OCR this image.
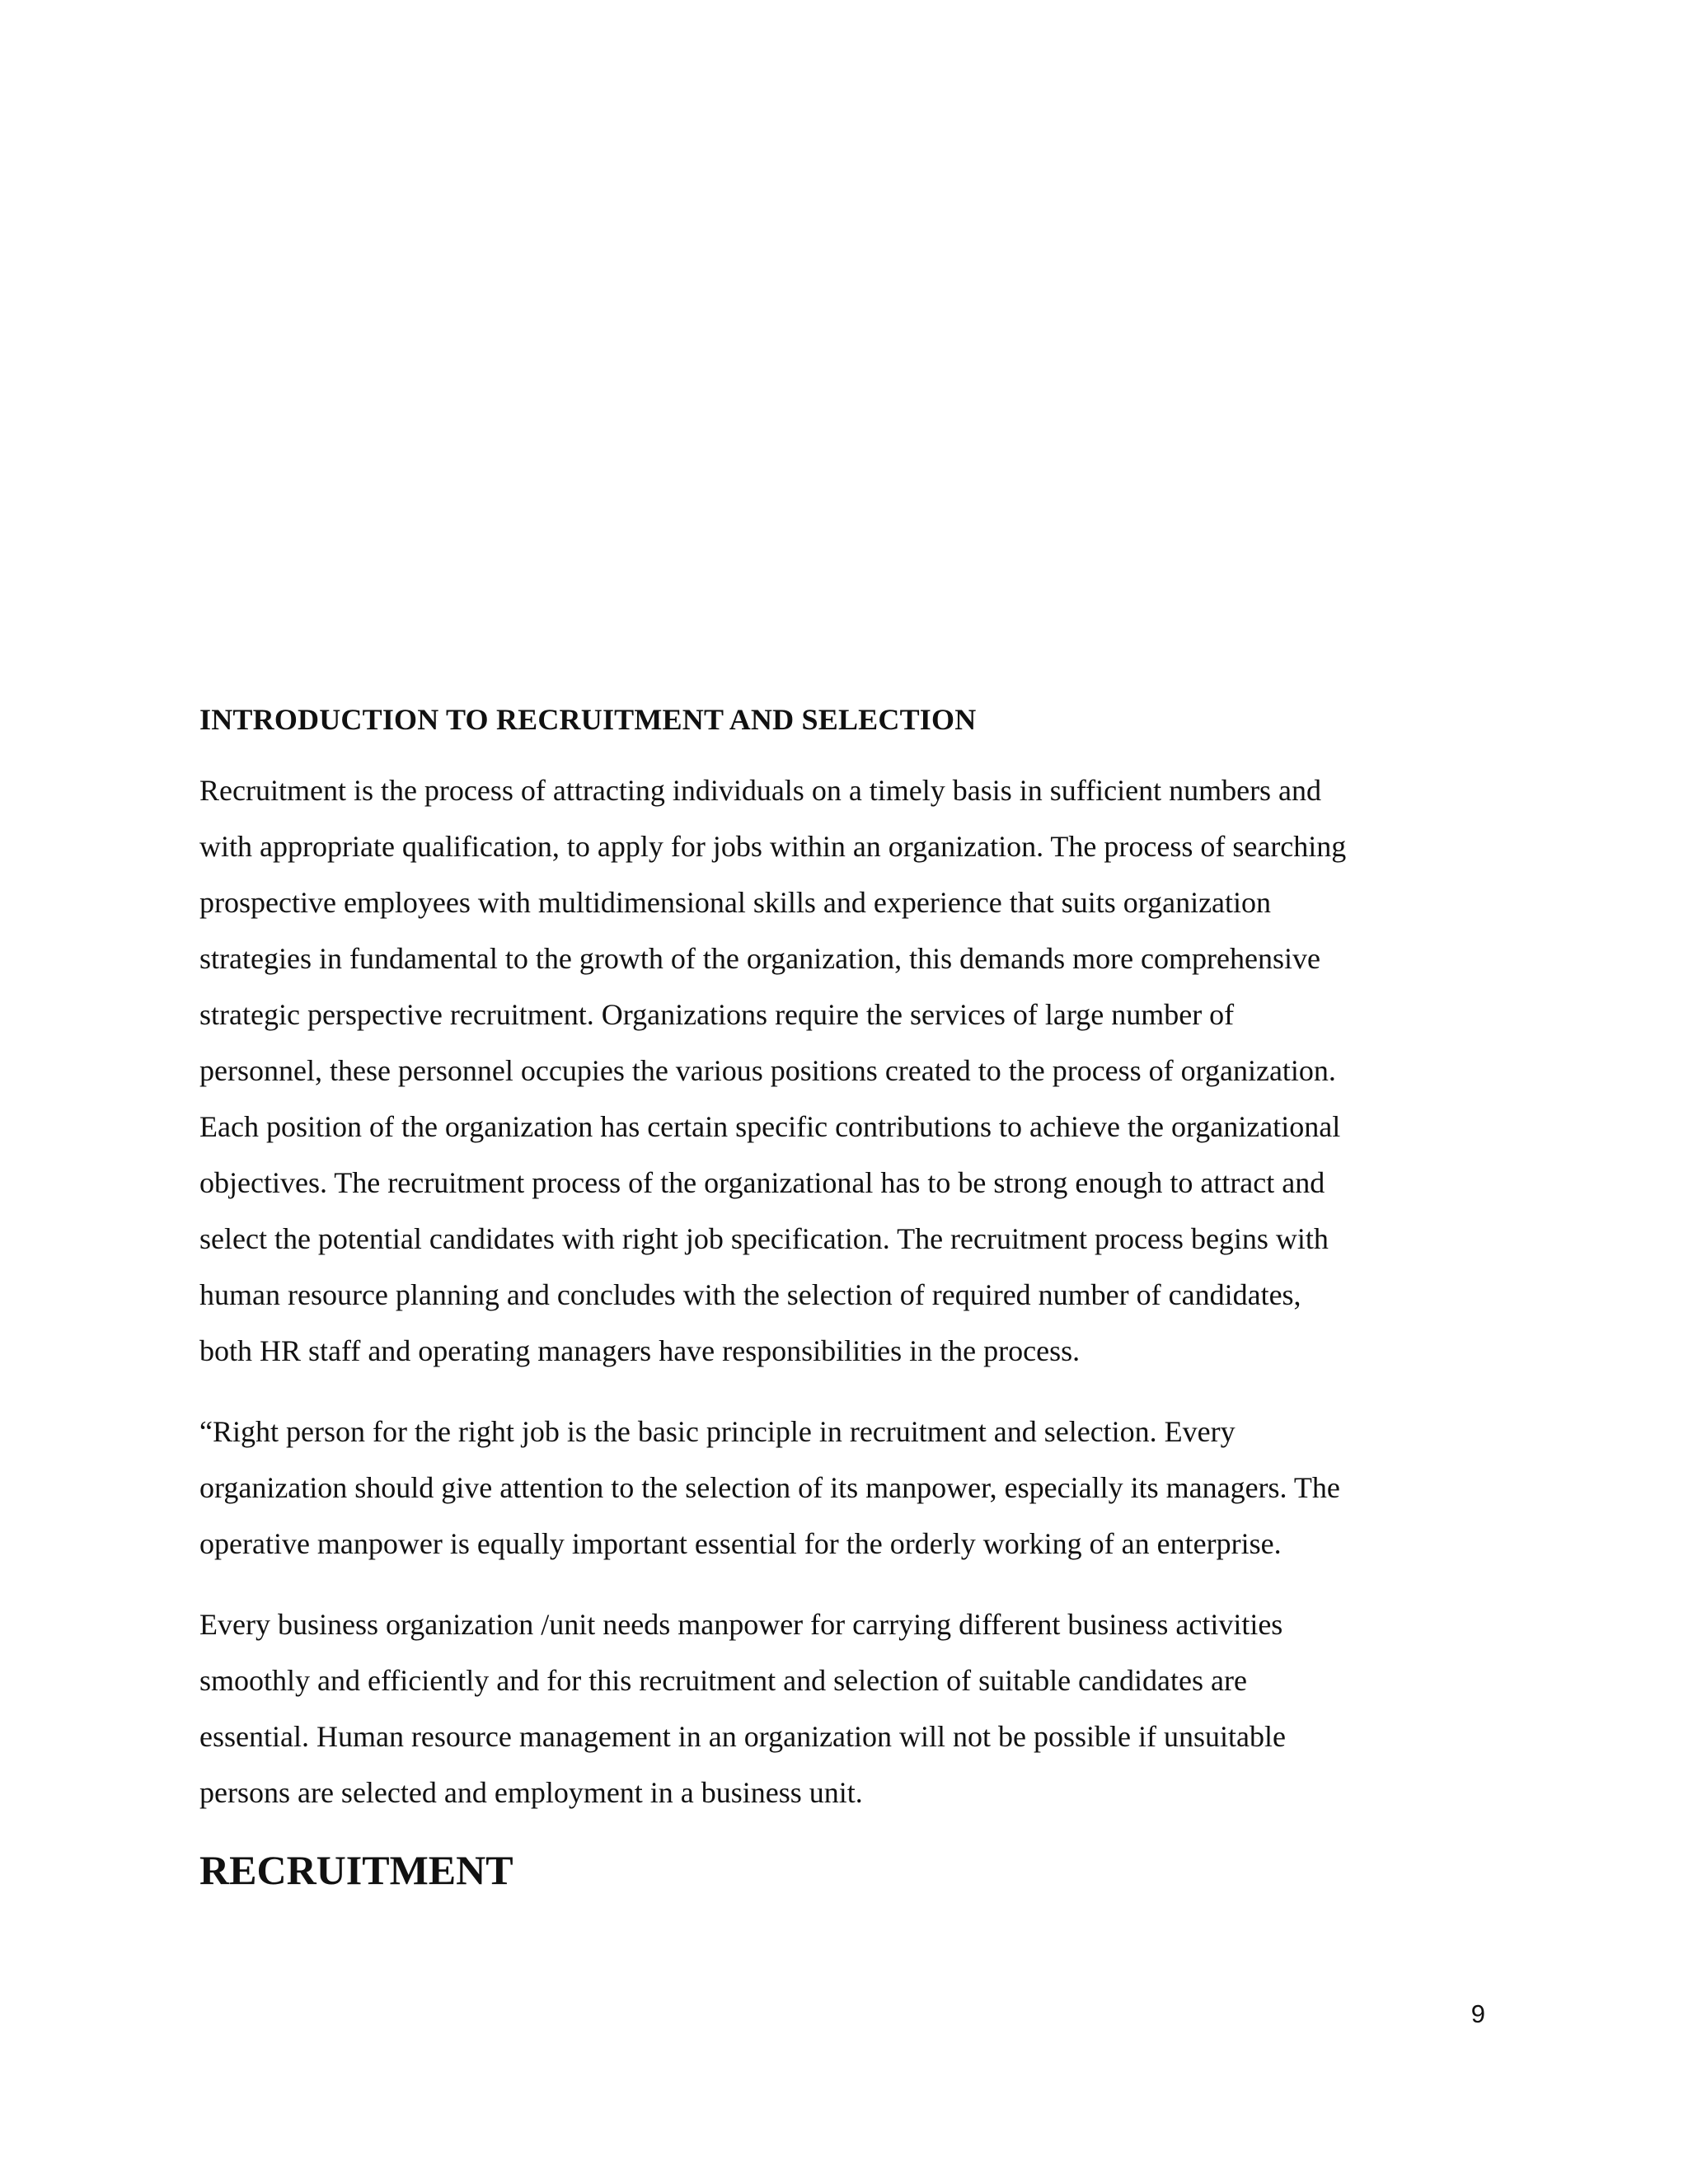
INTRODUCTION TO RECRUITMENT AND SELECTION

Recruitment is the process of attracting individuals on a timely basis in sufficient numbers and
with appropriate qualification, to apply for jobs within an organization. The process of searching
prospective employees with multidimensional skills and experience that suits organization
strategies in fundamental to the growth of the organization, this demands more comprehensive
strategic perspective recruitment. Organizations require the services of large number of
personnel, these personnel occupies the various positions created to the process of organization.
Each position of the organization has certain specific contributions to achieve the organizational
objectives. The recruitment process of the organizational has to be strong enough to attract and
select the potential candidates with right job specification. The recruitment process begins with
human resource planning and concludes with the selection of required number of candidates,
both HR staff and operating managers have responsibilities in the process.

“Right person for the right job is the basic principle in recruitment and selection. Every
organization should give attention to the selection of its manpower, especially its managers. The
operative manpower is equally important essential for the orderly working of an enterprise.

Every business organization /unit needs manpower for carrying different business activities
smoothly and efficiently and for this recruitment and selection of suitable candidates are
essential. Human resource management in an organization will not be possible if unsuitable
persons are selected and employment in a business unit.

RECRUITMENT
9
